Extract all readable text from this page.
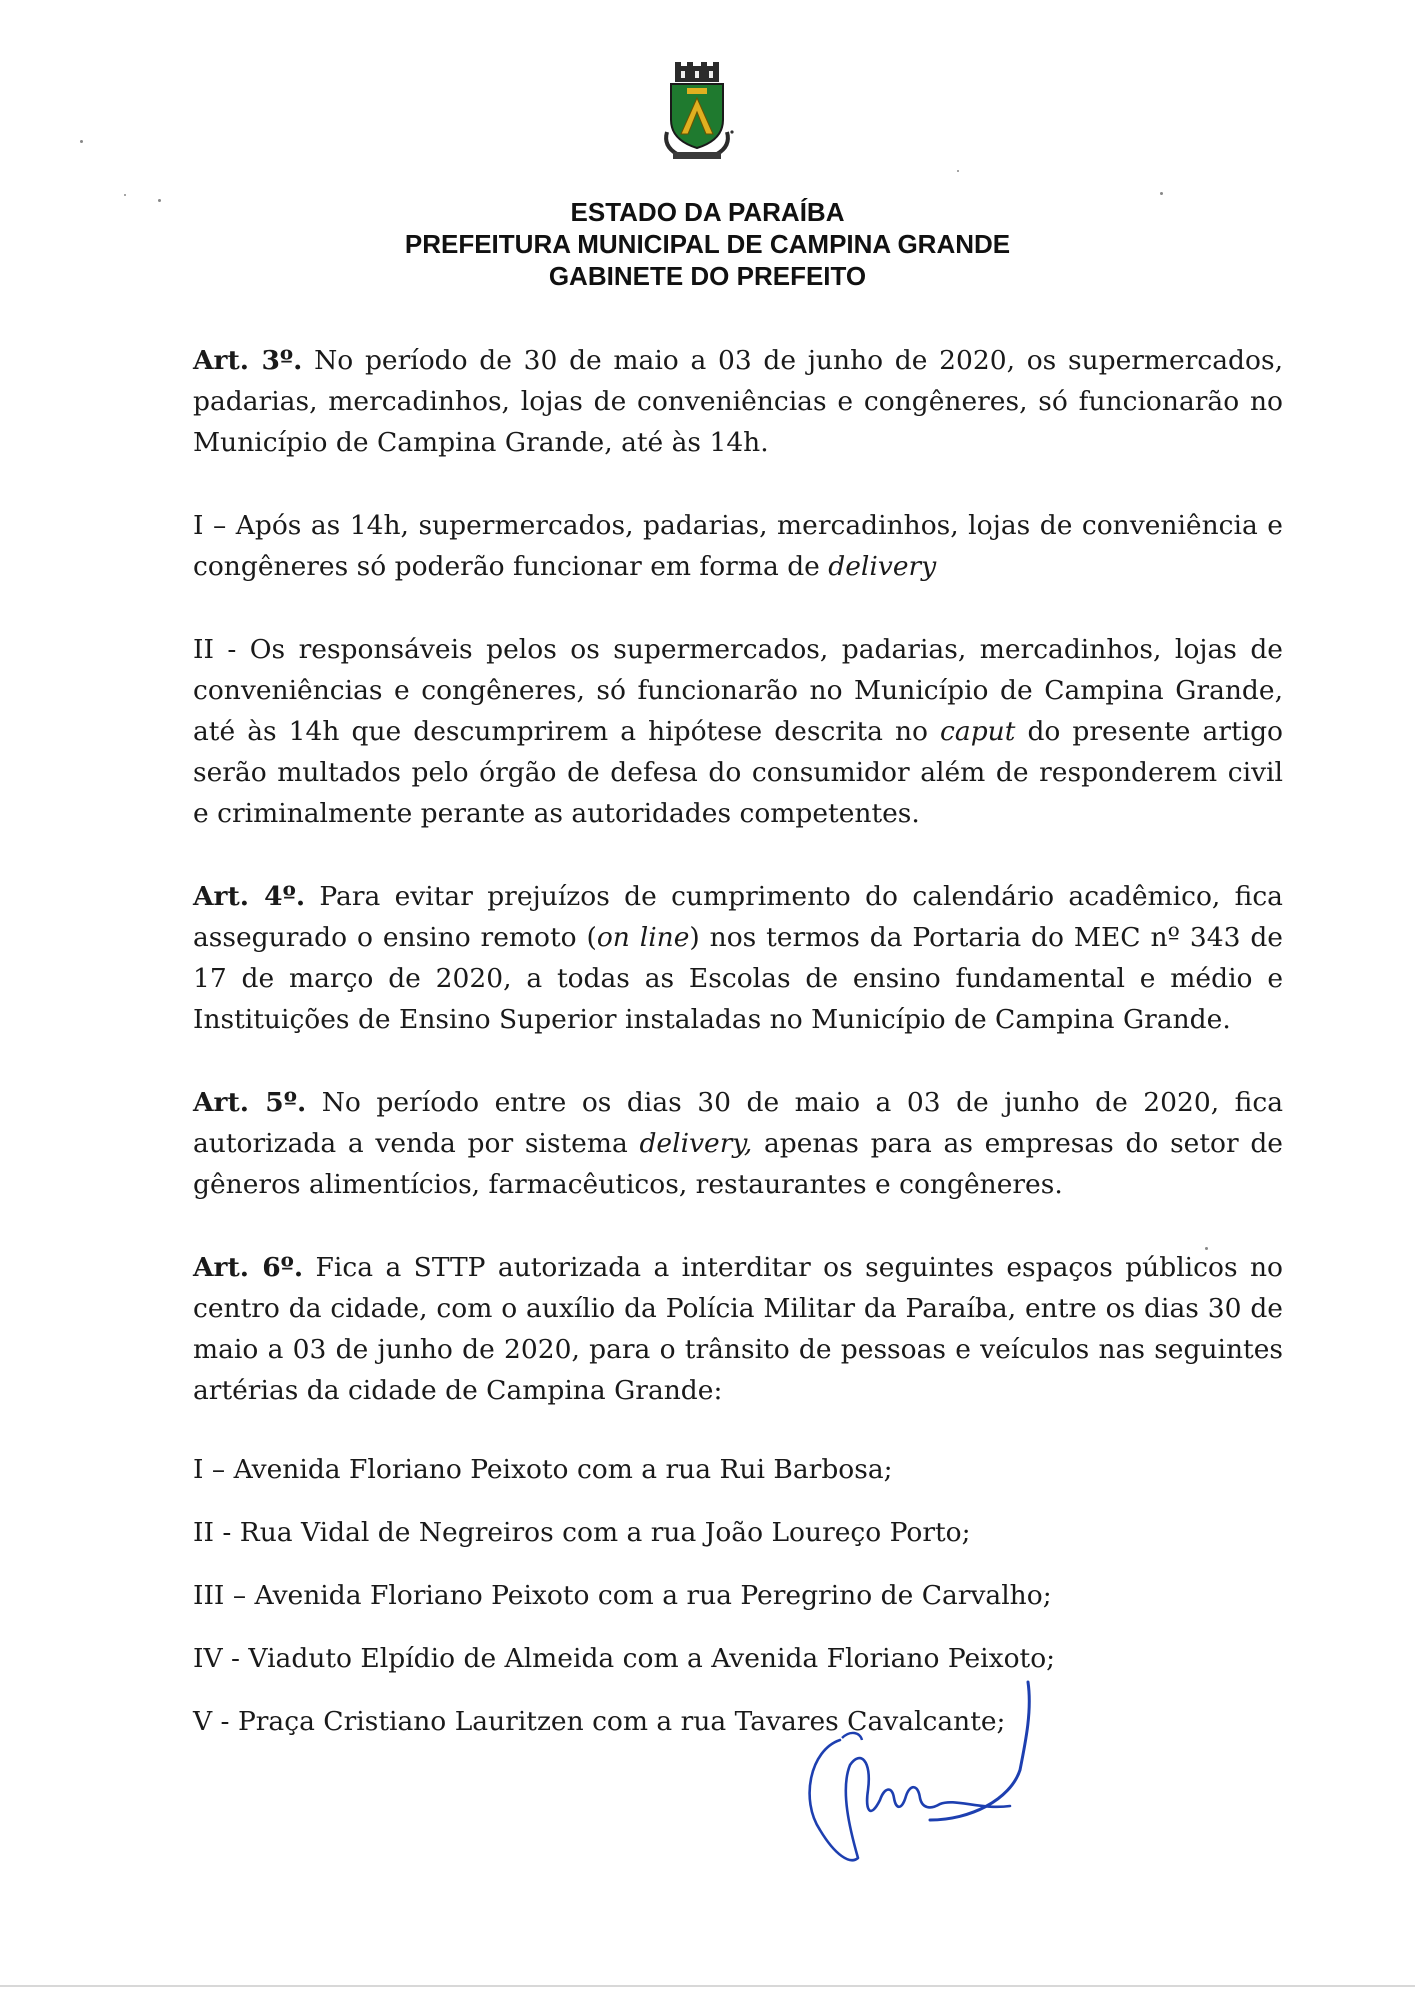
ESTADO DA PARAÍBA
PREFEITURA MUNICIPAL DE CAMPINA GRANDE
GABINETE DO PREFEITO

Art. 3º. No período de 30 de maio a 03 de junho de 2020, os supermercados, padarias, mercadinhos, lojas de conveniências e congêneres, só funcionarão no Município de Campina Grande, até às 14h.

I – Após as 14h, supermercados, padarias, mercadinhos, lojas de conveniência e congêneres só poderão funcionar em forma de delivery

II - Os responsáveis pelos os supermercados, padarias, mercadinhos, lojas de conveniências e congêneres, só funcionarão no Município de Campina Grande, até às 14h que descumprirem a hipótese descrita no caput do presente artigo serão multados pelo órgão de defesa do consumidor além de responderem civil e criminalmente perante as autoridades competentes.

Art. 4º. Para evitar prejuízos de cumprimento do calendário acadêmico, fica assegurado o ensino remoto (on line) nos termos da Portaria do MEC nº 343 de 17 de março de 2020, a todas as Escolas de ensino fundamental e médio e Instituições de Ensino Superior instaladas no Município de Campina Grande.

Art. 5º. No período entre os dias 30 de maio a 03 de junho de 2020, fica autorizada a venda por sistema delivery, apenas para as empresas do setor de gêneros alimentícios, farmacêuticos, restaurantes e congêneres.

Art. 6º. Fica a STTP autorizada a interditar os seguintes espaços públicos no centro da cidade, com o auxílio da Polícia Militar da Paraíba, entre os dias 30 de maio a 03 de junho de 2020, para o trânsito de pessoas e veículos nas seguintes artérias da cidade de Campina Grande:

I – Avenida Floriano Peixoto com a rua Rui Barbosa;

II - Rua Vidal de Negreiros com a rua João Loureço Porto;

III – Avenida Floriano Peixoto com a rua Peregrino de Carvalho;

IV - Viaduto Elpídio de Almeida com a Avenida Floriano Peixoto;

V - Praça Cristiano Lauritzen com a rua Tavares Cavalcante;
